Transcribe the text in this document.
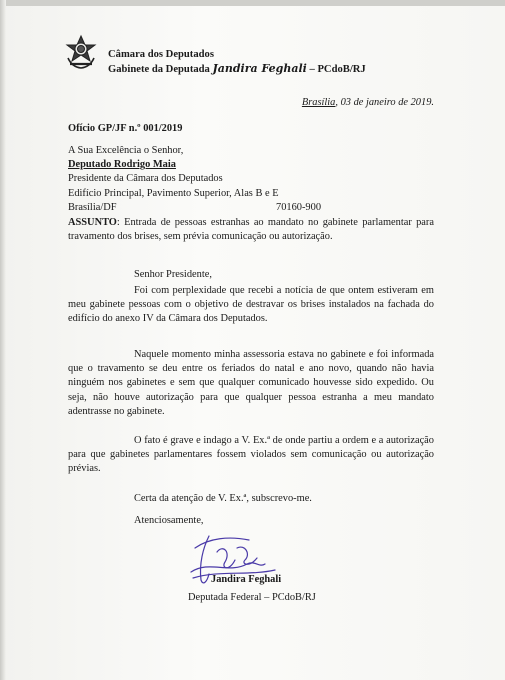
Câmara dos Deputados
Gabinete da Deputada Jandira Feghali – PCdoB/RJ
Brasília, 03 de janeiro de 2019.
Ofício GP/JF n.º 001/2019
A Sua Excelência o Senhor,
Deputado Rodrigo Maia
Presidente da Câmara dos Deputados
Edifício Principal, Pavimento Superior, Alas B e E
Brasília/DF	70160-900
ASSUNTO: Entrada de pessoas estranhas ao mandato no gabinete parlamentar para travamento dos brises, sem prévia comunicação ou autorização.
Senhor Presidente,
Foi com perplexidade que recebi a notícia de que ontem estiveram em meu gabinete pessoas com o objetivo de destravar os brises instalados na fachada do edifício do anexo IV da Câmara dos Deputados.
Naquele momento minha assessoria estava no gabinete e foi informada que o travamento se deu entre os feriados do natal e ano novo, quando não havia ninguém nos gabinetes e sem que qualquer comunicado houvesse sido expedido. Ou seja, não houve autorização para que qualquer pessoa estranha a meu mandato adentrasse no gabinete.
O fato é grave e indago a V. Ex.ª de onde partiu a ordem e a autorização para que gabinetes parlamentares fossem violados sem comunicação ou autorização prévias.
Certa da atenção de V. Ex.ª, subscrevo-me.
Atenciosamente,
Jandira Feghali
Deputada Federal – PCdoB/RJ
